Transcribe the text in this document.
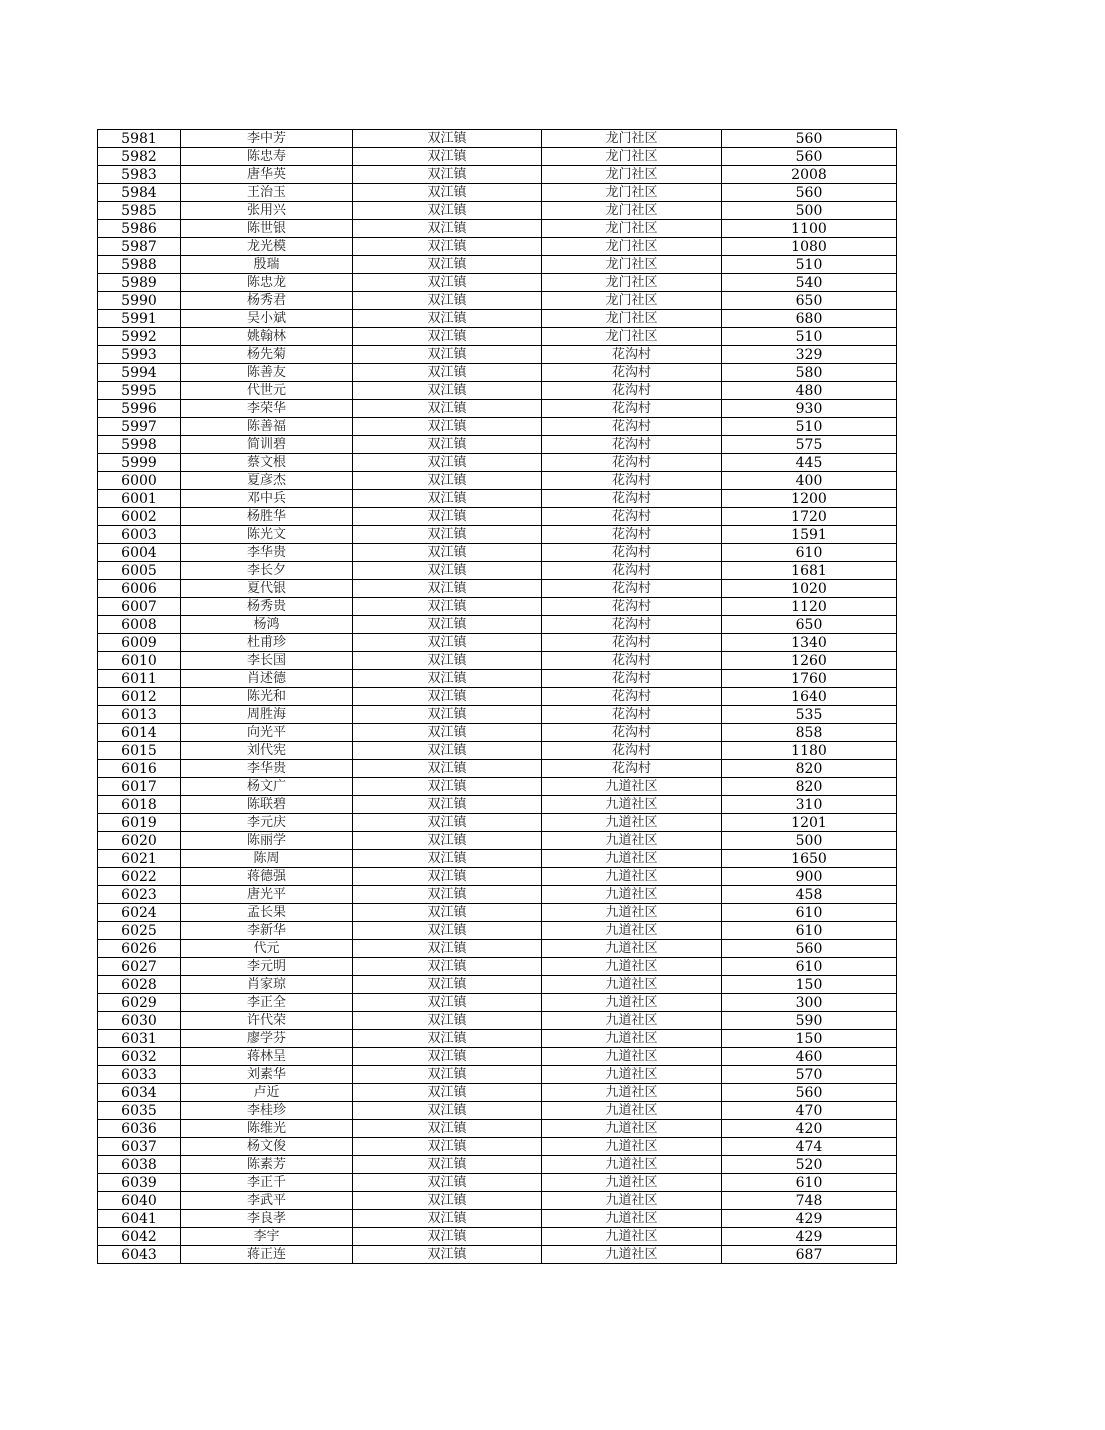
5981	李中芳	双江镇	龙门社区	560
5982	陈忠寿	双江镇	龙门社区	560
5983	唐华英	双江镇	龙门社区	2008
5984	王治玉	双江镇	龙门社区	560
5985	张用兴	双江镇	龙门社区	500
5986	陈世银	双江镇	龙门社区	1100
5987	龙光模	双江镇	龙门社区	1080
5988	殷瑞	双江镇	龙门社区	510
5989	陈忠龙	双江镇	龙门社区	540
5990	杨秀君	双江镇	龙门社区	650
5991	吴小斌	双江镇	龙门社区	680
5992	姚翰林	双江镇	龙门社区	510
5993	杨先菊	双江镇	花沟村	329
5994	陈善友	双江镇	花沟村	580
5995	代世元	双江镇	花沟村	480
5996	李荣华	双江镇	花沟村	930
5997	陈善福	双江镇	花沟村	510
5998	简训碧	双江镇	花沟村	575
5999	蔡文根	双江镇	花沟村	445
6000	夏彦杰	双江镇	花沟村	400
6001	邓中兵	双江镇	花沟村	1200
6002	杨胜华	双江镇	花沟村	1720
6003	陈光文	双江镇	花沟村	1591
6004	李华贵	双江镇	花沟村	610
6005	李长夕	双江镇	花沟村	1681
6006	夏代银	双江镇	花沟村	1020
6007	杨秀贵	双江镇	花沟村	1120
6008	杨鸿	双江镇	花沟村	650
6009	杜甫珍	双江镇	花沟村	1340
6010	李长国	双江镇	花沟村	1260
6011	肖述德	双江镇	花沟村	1760
6012	陈光和	双江镇	花沟村	1640
6013	周胜海	双江镇	花沟村	535
6014	向光平	双江镇	花沟村	858
6015	刘代宪	双江镇	花沟村	1180
6016	李华贵	双江镇	花沟村	820
6017	杨文广	双江镇	九道社区	820
6018	陈联碧	双江镇	九道社区	310
6019	李元庆	双江镇	九道社区	1201
6020	陈丽学	双江镇	九道社区	500
6021	陈周	双江镇	九道社区	1650
6022	蒋德强	双江镇	九道社区	900
6023	唐光平	双江镇	九道社区	458
6024	孟长果	双江镇	九道社区	610
6025	李新华	双江镇	九道社区	610
6026	代元	双江镇	九道社区	560
6027	李元明	双江镇	九道社区	610
6028	肖家琼	双江镇	九道社区	150
6029	李正全	双江镇	九道社区	300
6030	许代荣	双江镇	九道社区	590
6031	廖学芬	双江镇	九道社区	150
6032	蒋林呈	双江镇	九道社区	460
6033	刘素华	双江镇	九道社区	570
6034	卢近	双江镇	九道社区	560
6035	李桂珍	双江镇	九道社区	470
6036	陈维光	双江镇	九道社区	420
6037	杨文俊	双江镇	九道社区	474
6038	陈素芳	双江镇	九道社区	520
6039	李正千	双江镇	九道社区	610
6040	李武平	双江镇	九道社区	748
6041	李良孝	双江镇	九道社区	429
6042	李宇	双江镇	九道社区	429
6043	蒋正连	双江镇	九道社区	687
